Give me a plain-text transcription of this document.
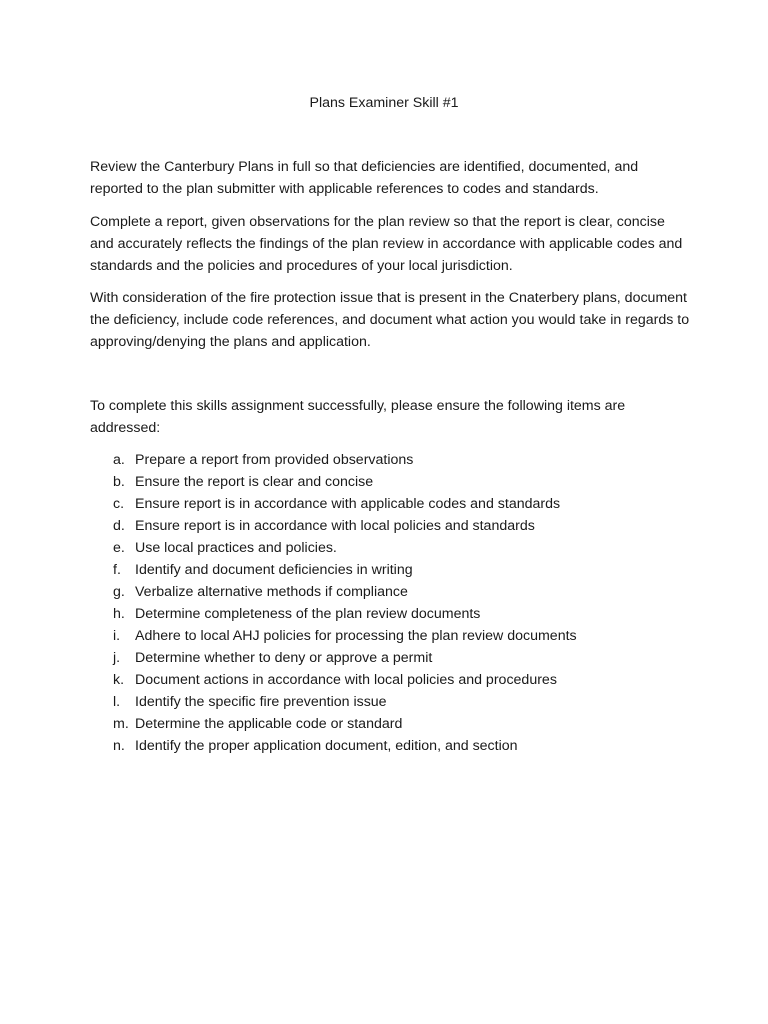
Plans Examiner Skill #1

Review the Canterbury Plans in full so that deficiencies are identified, documented, and reported to the plan submitter with applicable references to codes and standards.

Complete a report, given observations for the plan review so that the report is clear, concise and accurately reflects the findings of the plan review in accordance with applicable codes and standards and the policies and procedures of your local jurisdiction.

With consideration of the fire protection issue that is present in the Cnaterbery plans, document the deficiency, include code references, and document what action you would take in regards to approving/denying the plans and application.

To complete this skills assignment successfully, please ensure the following items are addressed:

a. Prepare a report from provided observations
b. Ensure the report is clear and concise
c. Ensure report is in accordance with applicable codes and standards
d. Ensure report is in accordance with local policies and standards
e. Use local practices and policies.
f. Identify and document deficiencies in writing
g. Verbalize alternative methods if compliance
h. Determine completeness of the plan review documents
i.	Adhere to local AHJ policies for processing the plan review documents
j.	Determine whether to deny or approve a permit
k. Document actions in accordance with local policies and procedures
l.	Identify the specific fire prevention issue
m. Determine the applicable code or standard
n. Identify the proper application document, edition, and section
